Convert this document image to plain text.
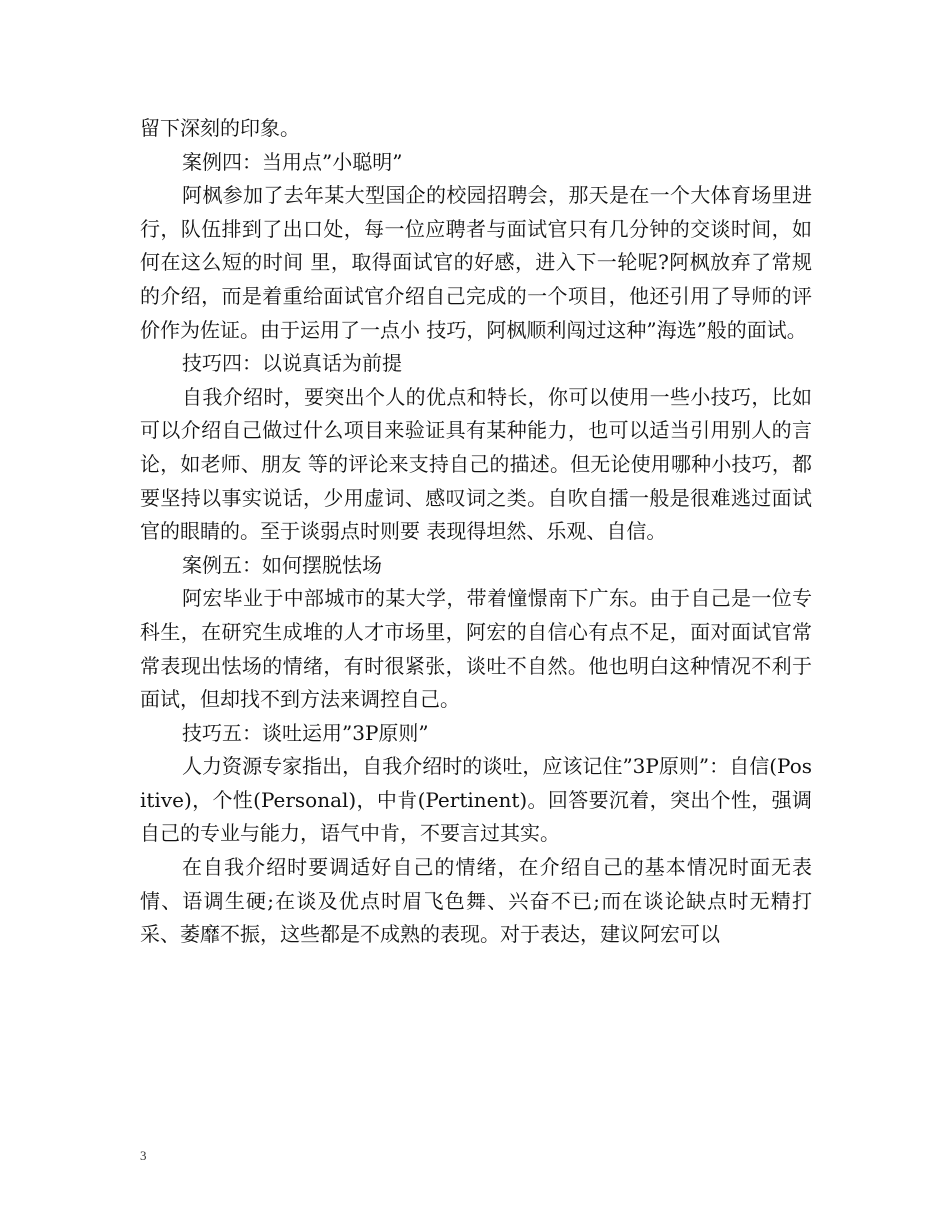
留下深刻的印象。

案例四：当用点”小聪明”

阿枫参加了去年某大型国企的校园招聘会，那天是在一个大体育场里进行，队伍排到了出口处，每一位应聘者与面试官只有几分钟的交谈时间，如何在这么短的时间 里，取得面试官的好感，进入下一轮呢?阿枫放弃了常规的介绍，而是着重给面试官介绍自己完成的一个项目，他还引用了导师的评价作为佐证。由于运用了一点小 技巧，阿枫顺利闯过这种”海选”般的面试。

技巧四：以说真话为前提

自我介绍时，要突出个人的优点和特长，你可以使用一些小技巧，比如可以介绍自己做过什么项目来验证具有某种能力，也可以适当引用别人的言论，如老师、朋友 等的评论来支持自己的描述。但无论使用哪种小技巧，都要坚持以事实说话，少用虚词、感叹词之类。自吹自擂一般是很难逃过面试官的眼睛的。至于谈弱点时则要 表现得坦然、乐观、自信。

案例五：如何摆脱怯场

阿宏毕业于中部城市的某大学，带着憧憬南下广东。由于自己是一位专科生，在研究生成堆的人才市场里，阿宏的自信心有点不足，面对面试官常常表现出怯场的情绪，有时很紧张，谈吐不自然。他也明白这种情况不利于面试，但却找不到方法来调控自己。

技巧五：谈吐运用”3P原则”

人力资源专家指出，自我介绍时的谈吐，应该记住”3P原则”：自信(Positive)，个性(Personal)，中肯(Pertinent)。回答要沉着，突出个性，强调自己的专业与能力，语气中肯，不要言过其实。

在自我介绍时要调适好自己的情绪，在介绍自己的基本情况时面无表情、语调生硬;在谈及优点时眉飞色舞、兴奋不已;而在谈论缺点时无精打采、萎靡不振，这些都是不成熟的表现。对于表达，建议阿宏可以

3
